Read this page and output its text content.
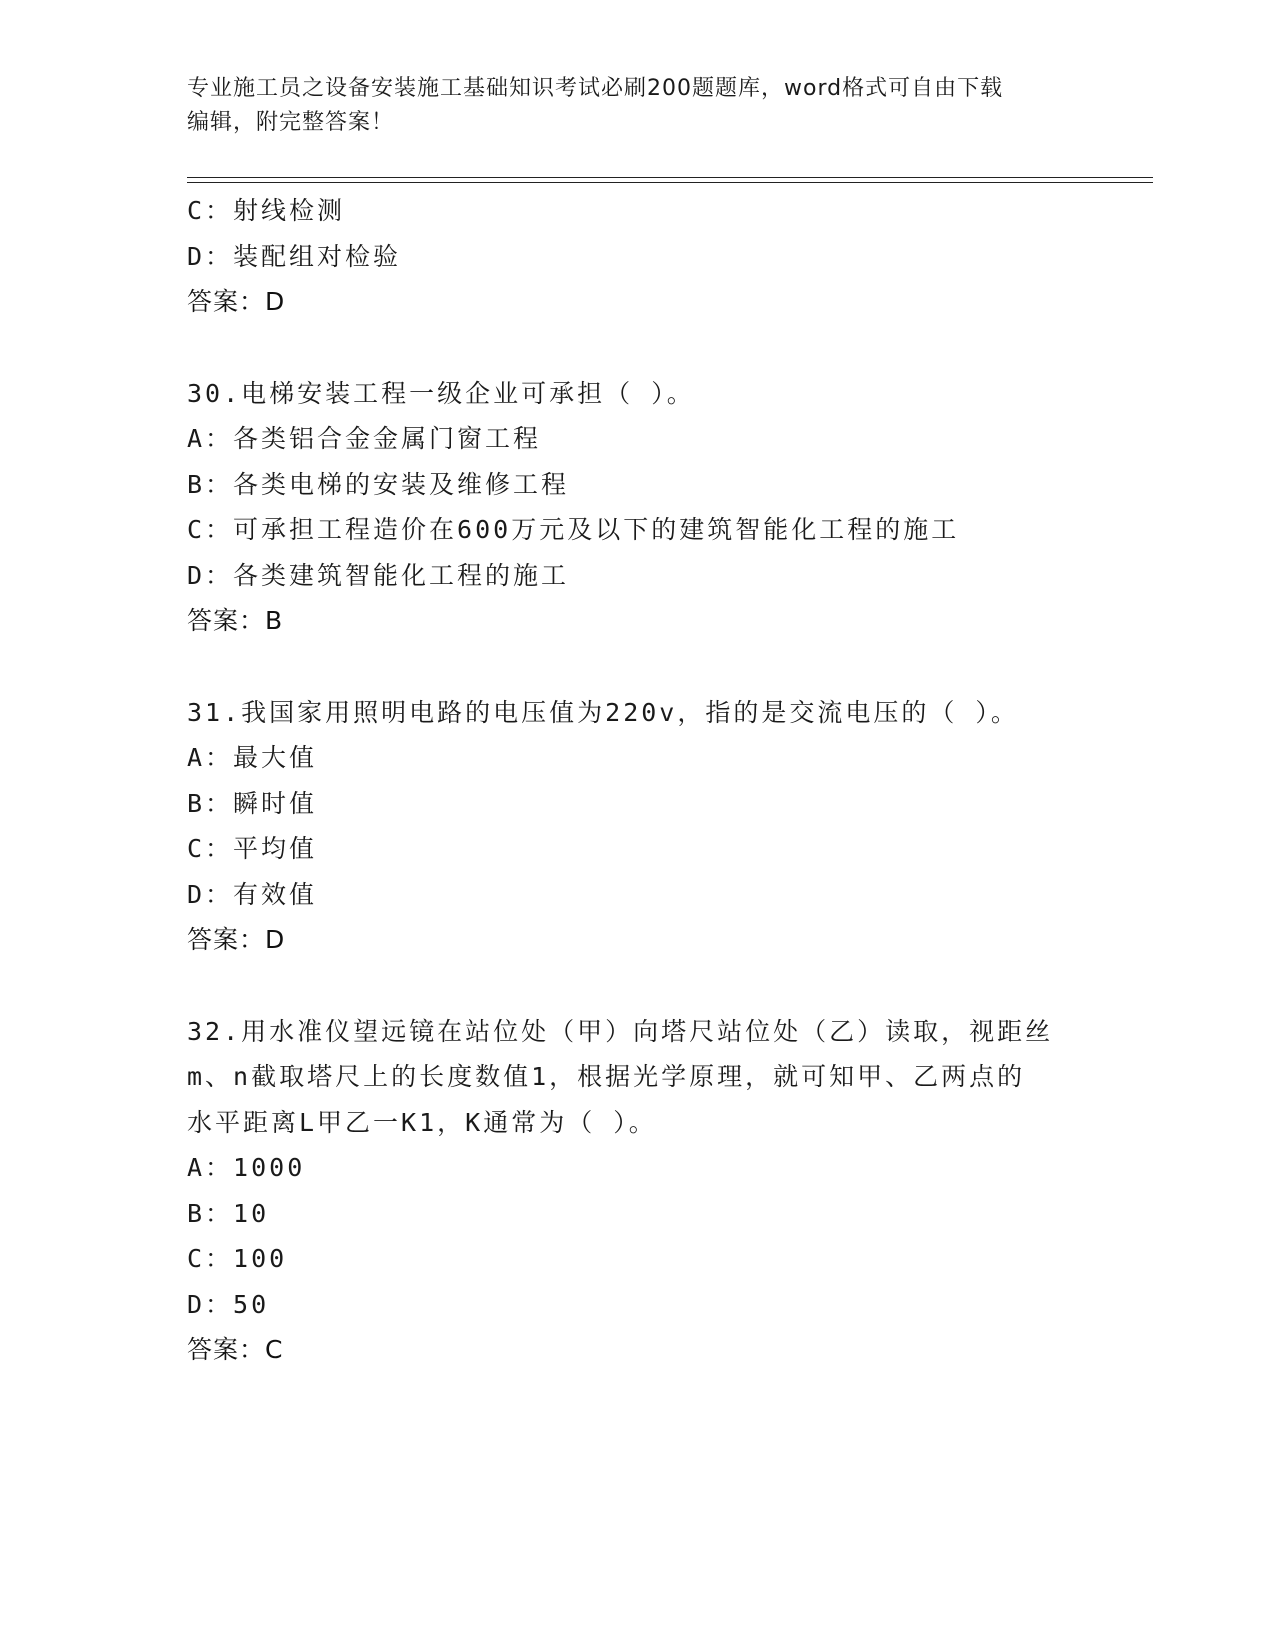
专业施工员之设备安装施工基础知识考试必刷200题题库，word格式可自由下载
编辑，附完整答案！
C：射线检测
D：装配组对检验
答案：D
30.电梯安装工程一级企业可承担（ ）。
A：各类铝合金金属门窗工程
B：各类电梯的安装及维修工程
C：可承担工程造价在600万元及以下的建筑智能化工程的施工
D：各类建筑智能化工程的施工
答案：B
31.我国家用照明电路的电压值为220v，指的是交流电压的（ ）。
A：最大值
B：瞬时值
C：平均值
D：有效值
答案：D
32.用水准仪望远镜在站位处（甲）向塔尺站位处（乙）读取，视距丝
m、n截取塔尺上的长度数值1，根据光学原理，就可知甲、乙两点的
水平距离L甲乙一K1，K通常为（ ）。
A：1000
B：10
C：100
D：50
答案：C
